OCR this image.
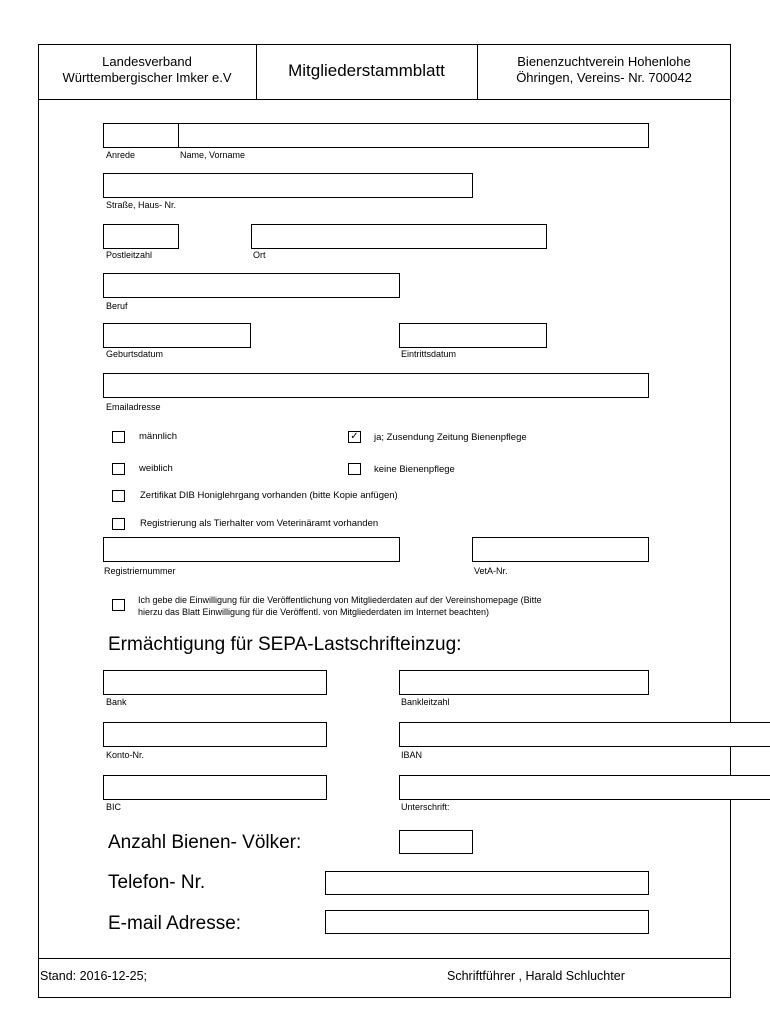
Landesverband
Württembergischer Imker e.V	Mitgliederstammblatt	Bienenzuchtverein Hohenlohe
Öhringen, Vereins- Nr. 700042
Anrede	Name, Vorname
Straße, Haus- Nr.
Postleitzahl	Ort
Beruf
Geburtsdatum	Eintrittsdatum
Emailadresse
männlich	✓ ja; Zusendung Zeitung Bienenpflege
weiblich	keine Bienenpflege
Zertifikat DIB Honiglehrgang vorhanden (bitte Kopie anfügen)
Registrierung als Tierhalter vom Veterinäramt vorhanden
Registriernummer	VetA-Nr.
Ich gebe die Einwilligung für die Veröffentlichung von Mitgliederdaten auf der Vereinshomepage (Bitte
hierzu das Blatt Einwilligung für die Veröffentl. von Mitgliederdaten im Internet beachten)
Ermächtigung für SEPA-Lastschrifteinzug:
Bank	Bankleitzahl
Konto-Nr.	IBAN
BIC	Unterschrift:
Anzahl Bienen- Völker:
Telefon- Nr.
E-mail Adresse:
Stand: 2016-12-25;	Schriftführer , Harald Schluchter
